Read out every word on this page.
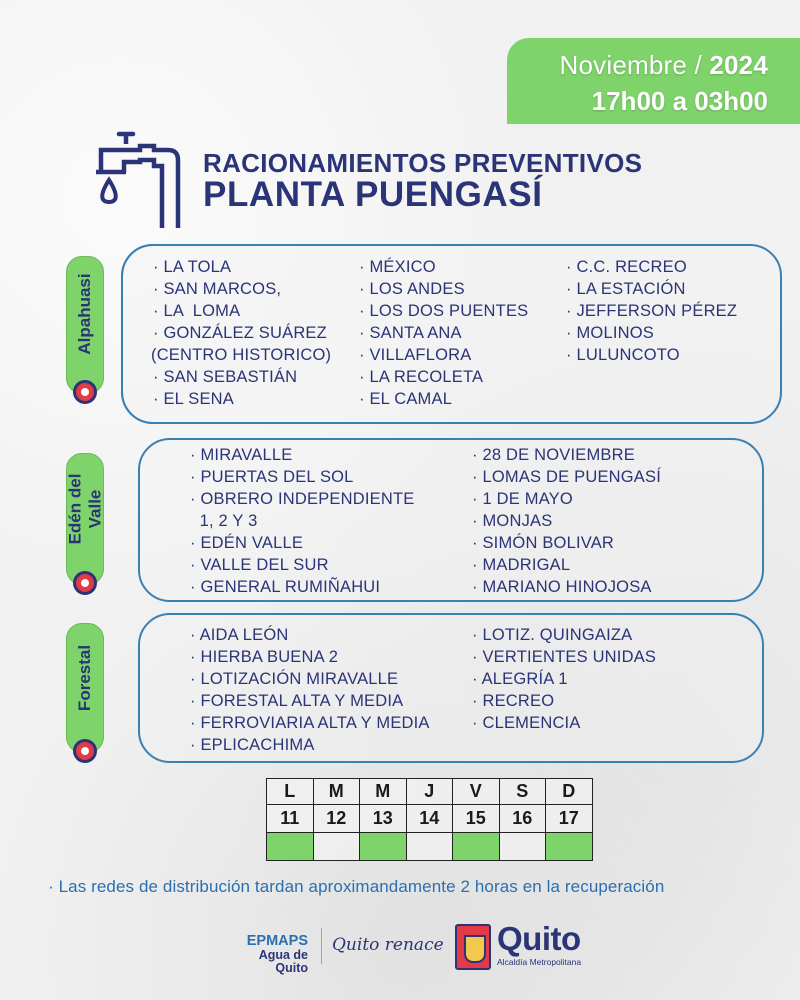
Noviembre / 2024
17h00 a 03h00
RACIONAMIENTOS PREVENTIVOS
PLANTA PUENGASÍ
Alpahuasi
· LA TOLA
· SAN MARCOS,
· LA  LOMA
· GONZÁLEZ SUÁREZ
(CENTRO HISTORICO)
· SAN SEBASTIÁN
· EL SENA
· MÉXICO
· LOS ANDES
· LOS DOS PUENTES
· SANTA ANA
· VILLAFLORA
· LA RECOLETA
· EL CAMAL
· C.C. RECREO
· LA ESTACIÓN
· JEFFERSON PÉREZ
· MOLINOS
· LULUNCOTO
Edén del
Valle
· MIRAVALLE
· PUERTAS DEL SOL
· OBRERO INDEPENDIENTE
1, 2 Y 3
· EDÉN VALLE
· VALLE DEL SUR
· GENERAL RUMIÑAHUI
· 28 DE NOVIEMBRE
· LOMAS DE PUENGASÍ
· 1 DE MAYO
· MONJAS
· SIMÓN BOLIVAR
· MADRIGAL
· MARIANO HINOJOSA
Forestal
· AIDA LEÓN
· HIERBA BUENA 2
· LOTIZACIÓN MIRAVALLE
· FORESTAL ALTA Y MEDIA
· FERROVIARIA ALTA Y MEDIA
· EPLICACHIMA
· LOTIZ. QUINGAIZA
· VERTIENTES UNIDAS
· ALEGRÍA 1
· RECREO
· CLEMENCIA
L	M	M	J	V	S	D
11	12	13	14	15	16	17

· Las redes de distribución tardan aproximandamente 2 horas en la recuperación
EPMAPS
Agua de Quito
Quito renace Quito
Alcaldía Metropolitana
